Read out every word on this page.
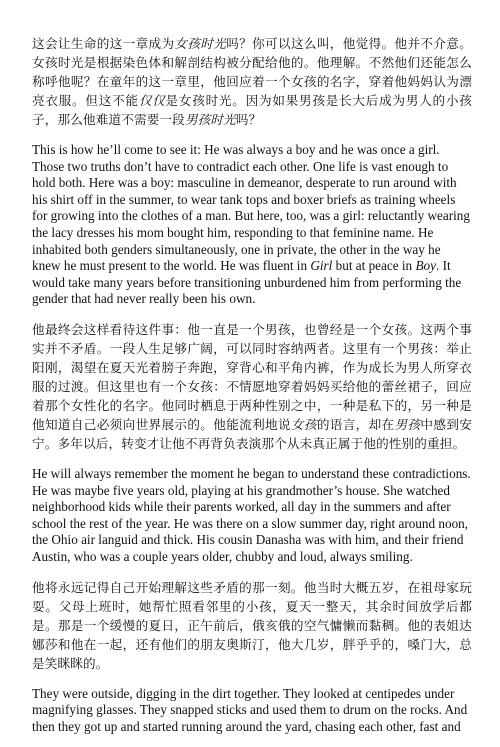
这会让生命的这一章成为女孩时光吗？你可以这么叫，他觉得。他并不介意。女孩时光是根据染色体和解剖结构被分配给他的。他理解。不然他们还能怎么称呼他呢？在童年的这一章里，他回应着一个女孩的名字，穿着他妈妈认为漂亮衣服。但这不能仅仅是女孩时光。因为如果男孩是长大后成为男人的小孩子，那么他难道不需要一段男孩时光吗？

This is how he’ll come to see it: He was always a boy and he was once a girl. Those two truths don’t have to contradict each other. One life is vast enough to hold both. Here was a boy: masculine in demeanor, desperate to run around with his shirt off in the summer, to wear tank tops and boxer briefs as training wheels for growing into the clothes of a man. But here, too, was a girl: reluctantly wearing the lacy dresses his mom bought him, responding to that feminine name. He inhabited both genders simultaneously, one in private, the other in the way he knew he must present to the world. He was fluent in Girl but at peace in Boy. It would take many years before transitioning unburdened him from performing the gender that had never really been his own.

他最终会这样看待这件事：他一直是一个男孩，也曾经是一个女孩。这两个事实并不矛盾。一段人生足够广阔，可以同时容纳两者。这里有一个男孩：举止阳刚，渴望在夏天光着膀子奔跑，穿背心和平角内裤，作为成长为男人所穿衣服的过渡。但这里也有一个女孩：不情愿地穿着妈妈买给他的蕾丝裙子，回应着那个女性化的名字。他同时栖息于两种性别之中，一种是私下的，另一种是他知道自己必须向世界展示的。他能流利地说女孩的语言，却在男孩中感到安宁。多年以后，转变才让他不再背负表演那个从未真正属于他的性别的重担。

He will always remember the moment he began to understand these contradictions. He was maybe five years old, playing at his grandmother’s house. She watched neighborhood kids while their parents worked, all day in the summers and after school the rest of the year. He was there on a slow summer day, right around noon, the Ohio air languid and thick. His cousin Danasha was with him, and their friend Austin, who was a couple years older, chubby and loud, always smiling.

他将永远记得自己开始理解这些矛盾的那一刻。他当时大概五岁，在祖母家玩耍。父母上班时，她帮忙照看邻里的小孩，夏天一整天，其余时间放学后都是。那是一个缓慢的夏日，正午前后，俄亥俄的空气慵懒而黏稠。他的表姐达娜莎和他在一起，还有他们的朋友奥斯汀，他大几岁，胖乎乎的，嗓门大，总是笑眯眯的。

They were outside, digging in the dirt together. They looked at centipedes under magnifying glasses. They snapped sticks and used them to drum on the rocks. And then they got up and started running around the yard, chasing each other, fast and
